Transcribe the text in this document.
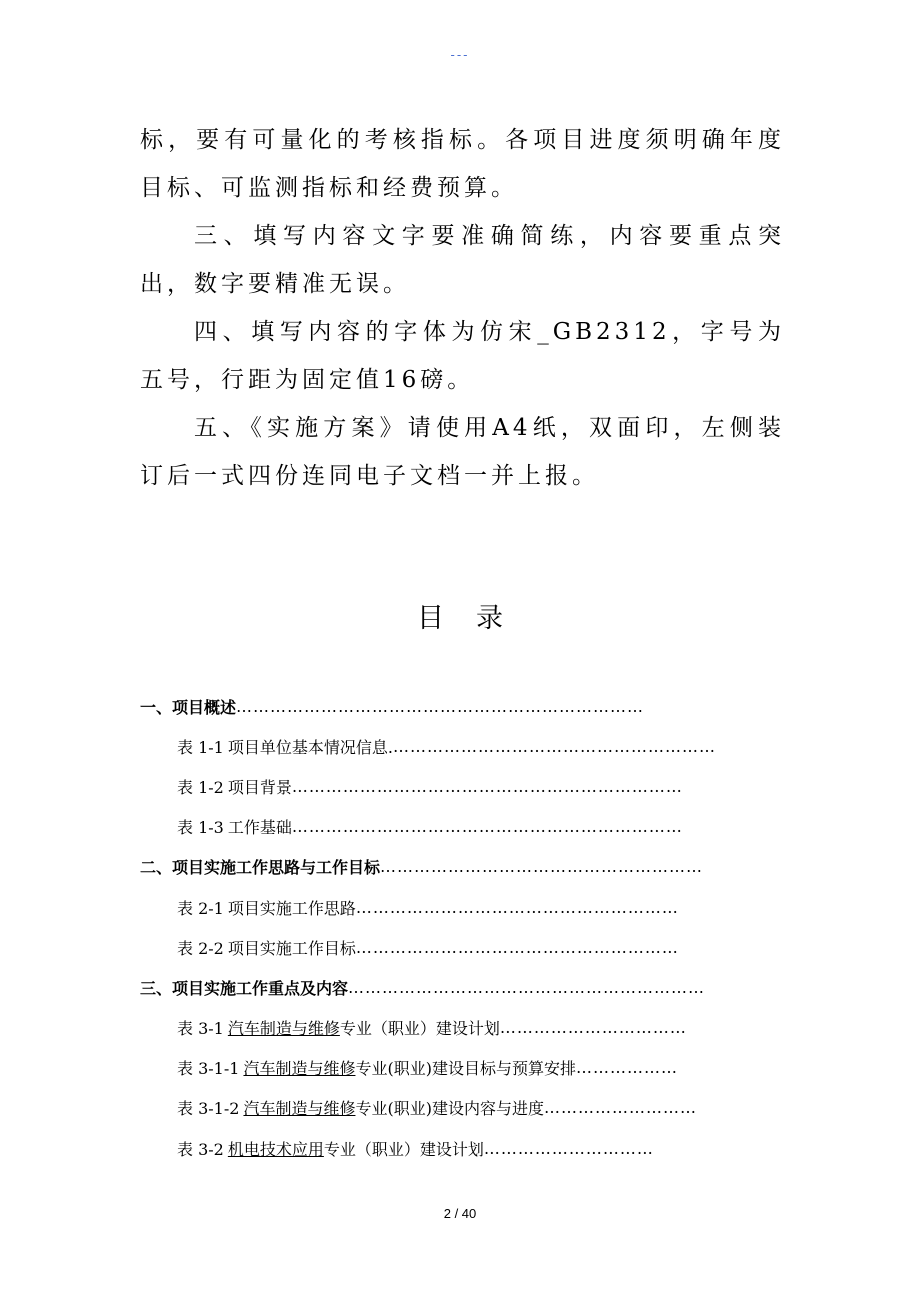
---

标，要有可量化的考核指标。各项目进度须明确年度目标、可监测指标和经费预算。

三、填写内容文字要准确简练，内容要重点突出，数字要精准无误。

四、填写内容的字体为仿宋_GB2312，字号为五号，行距为固定值16磅。

五、《实施方案》请使用A4纸，双面印，左侧装订后一式四份连同电子文档一并上报。

目录
一、项目概述 ………………………………………………………………
表 1-1 项目单位基本情况信息. …………………………………………………
表 1-2 项目背景 ……………………………………………………………
表 1-3 工作基础 ……………………………………………………………
二、项目实施工作思路与工作目标 …………………………………………………
表 2-1 项目实施工作思路 …………………………………………………
表 2-2 项目实施工作目标 …………………………………………………
三、项目实施工作重点及内容 ………………………………………………………
表 3-1 汽车制造与维修 专业（职业）建设计划 ……………………………
表 3-1-1 汽车制造与维修 专业(职业)建设目标与预算安排 ………………
表 3-1-2 汽车制造与维修 专业(职业)建设内容与进度 ………………………
表 3-2 机电技术应用 专业（职业）建设计划 …………………………
2 / 40
